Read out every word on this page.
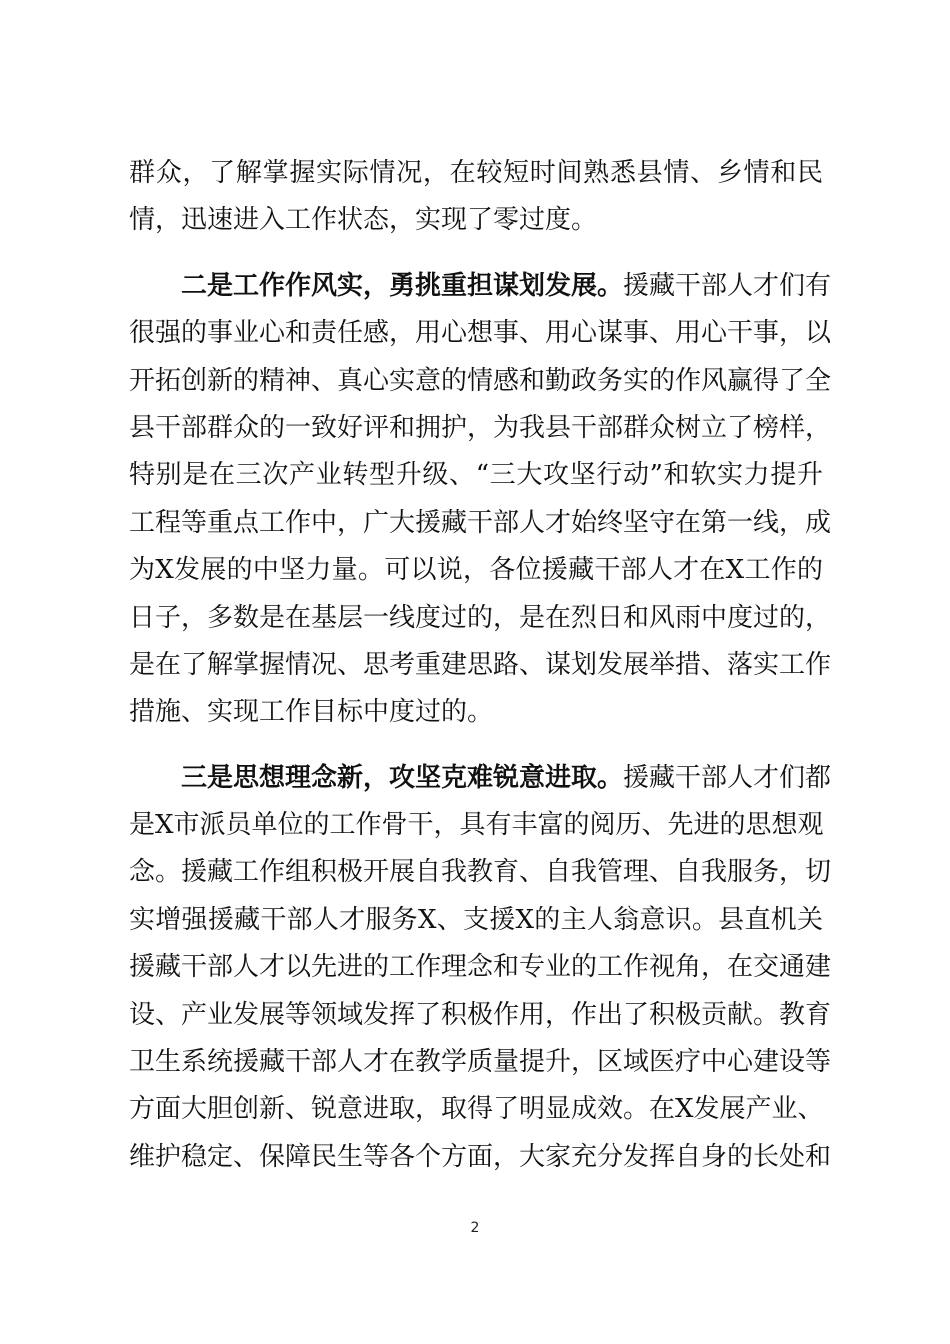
群众，了解掌握实际情况，在较短时间熟悉县情、乡情和民
情，迅速进入工作状态，实现了零过度。
二是工作作风实，勇挑重担谋划发展。援藏干部人才们有
很强的事业心和责任感，用心想事、用心谋事、用心干事，以
开拓创新的精神、真心实意的情感和勤政务实的作风赢得了全
县干部群众的一致好评和拥护，为我县干部群众树立了榜样，
特别是在三次产业转型升级、“三大攻坚行动”和软实力提升
工程等重点工作中，广大援藏干部人才始终坚守在第一线，成
为X发展的中坚力量。可以说，各位援藏干部人才在X工作的
日子，多数是在基层一线度过的，是在烈日和风雨中度过的，
是在了解掌握情况、思考重建思路、谋划发展举措、落实工作
措施、实现工作目标中度过的。
三是思想理念新，攻坚克难锐意进取。援藏干部人才们都
是X市派员单位的工作骨干，具有丰富的阅历、先进的思想观
念。援藏工作组积极开展自我教育、自我管理、自我服务，切
实增强援藏干部人才服务X、支援X的主人翁意识。县直机关
援藏干部人才以先进的工作理念和专业的工作视角，在交通建
设、产业发展等领域发挥了积极作用，作出了积极贡献。教育
卫生系统援藏干部人才在教学质量提升，区域医疗中心建设等
方面大胆创新、锐意进取，取得了明显成效。在X发展产业、
维护稳定、保障民生等各个方面，大家充分发挥自身的长处和
2
